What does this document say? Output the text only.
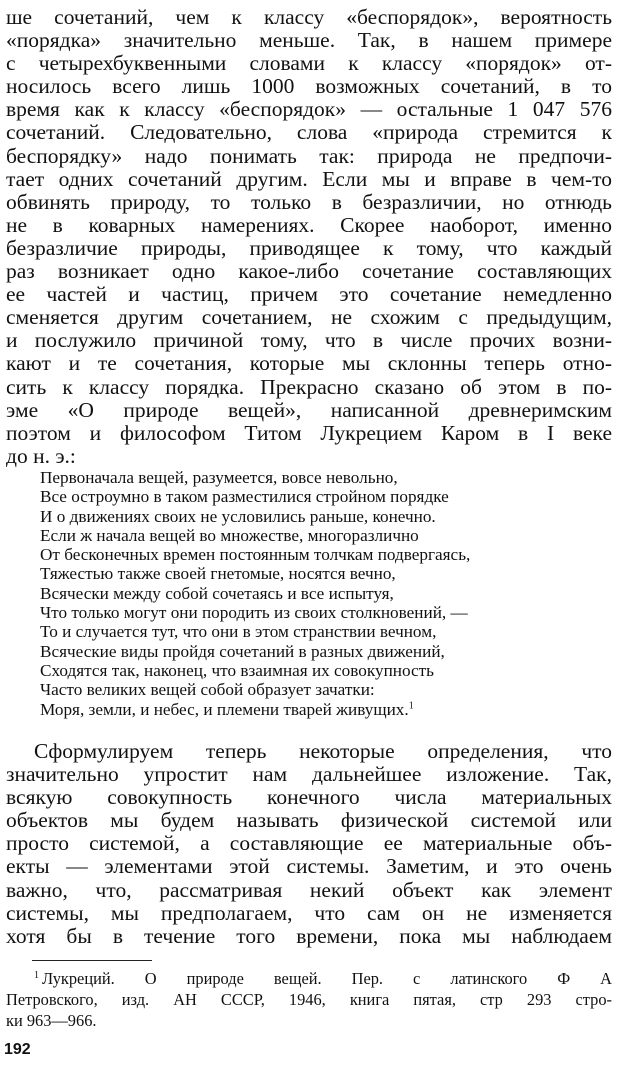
ше сочетаний, чем к классу «беспорядок», вероятность
«порядка» значительно меньше. Так, в нашем примере
с четырехбуквенными словами к классу «порядок» от-
носилось всего лишь 1000 возможных сочетаний, в то
время как к классу «беспорядок» — остальные 1 047 576
сочетаний. Следовательно, слова «природа стремится к
беспорядку» надо понимать так: природа не предпочи-
тает одних сочетаний другим. Если мы и вправе в чем-то
обвинять природу, то только в безразличии, но отнюдь
не в коварных намерениях. Скорее наоборот, именно
безразличие природы, приводящее к тому, что каждый
раз возникает одно какое-либо сочетание составляющих
ее частей и частиц, причем это сочетание немедленно
сменяется другим сочетанием, не схожим с предыдущим,
и послужило причиной тому, что в числе прочих возни-
кают и те сочетания, которые мы склонны теперь отно-
сить к классу порядка. Прекрасно сказано об этом в по-
эме «О природе вещей», написанной древнеримским
поэтом и философом Титом Лукрецием Каром в I веке
до н. э.:
Первоначала вещей, разумеется, вовсе невольно,
Все остроумно в таком разместилися стройном порядке
И о движениях своих не условились раньше, конечно.
Если ж начала вещей во множестве, многоразлично
От бесконечных времен постоянным толчкам подвергаясь,
Тяжестью также своей гнетомые, носятся вечно,
Всячески между собой сочетаясь и все испытуя,
Что только могут они породить из своих столкновений, —
То и случается тут, что они в этом странствии вечном,
Всяческие виды пройдя сочетаний в разных движений,
Сходятся так, наконец, что взаимная их совокупность
Часто великих вещей собой образует зачатки:
Моря, земли, и небес, и племени тварей живущих.$^1$
Сформулируем теперь некоторые определения, что
значительно упростит нам дальнейшее изложение. Так,
всякую совокупность конечного числа материальных
объектов мы будем называть физической системой или
просто системой, а составляющие ее материальные объ-
екты — элементами этой системы. Заметим, и это очень
важно, что, рассматривая некий объект как элемент
системы, мы предполагаем, что сам он не изменяется
хотя бы в течение того времени, пока мы наблюдаем
$^1$ Лукреций. О природе вещей. Пер. с латинского Ф А
Петровского, изд. АН СССР, 1946, книга пятая, стр 293 стро-
ки 963—966.
192
